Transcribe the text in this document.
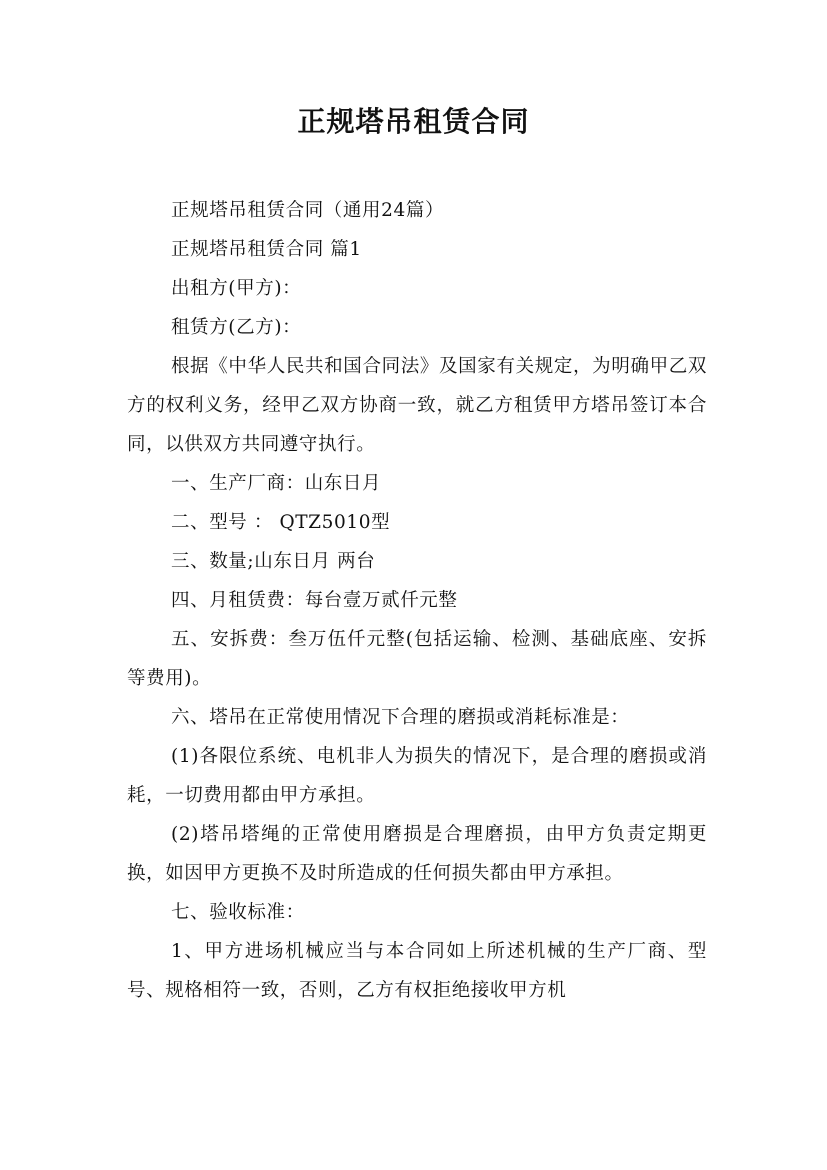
正规塔吊租赁合同

正规塔吊租赁合同（通用24篇）

正规塔吊租赁合同 篇1

出租方(甲方)：

租赁方(乙方)：

根据《中华人民共和国合同法》及国家有关规定，为明确甲乙双方的权利义务，经甲乙双方协商一致，就乙方租赁甲方塔吊签订本合同，以供双方共同遵守执行。

一、生产厂商：山东日月

二、型号 ： QTZ5010型

三、数量;山东日月 两台

四、月租赁费：每台壹万贰仟元整

五、安拆费：叁万伍仟元整(包括运输、检测、基础底座、安拆等费用)。

六、塔吊在正常使用情况下合理的磨损或消耗标准是：

(1)各限位系统、电机非人为损失的情况下，是合理的磨损或消耗，一切费用都由甲方承担。

(2)塔吊塔绳的正常使用磨损是合理磨损，由甲方负责定期更换，如因甲方更换不及时所造成的任何损失都由甲方承担。

七、验收标准：

1、甲方进场机械应当与本合同如上所述机械的生产厂商、型号、规格相符一致，否则，乙方有权拒绝接收甲方机
